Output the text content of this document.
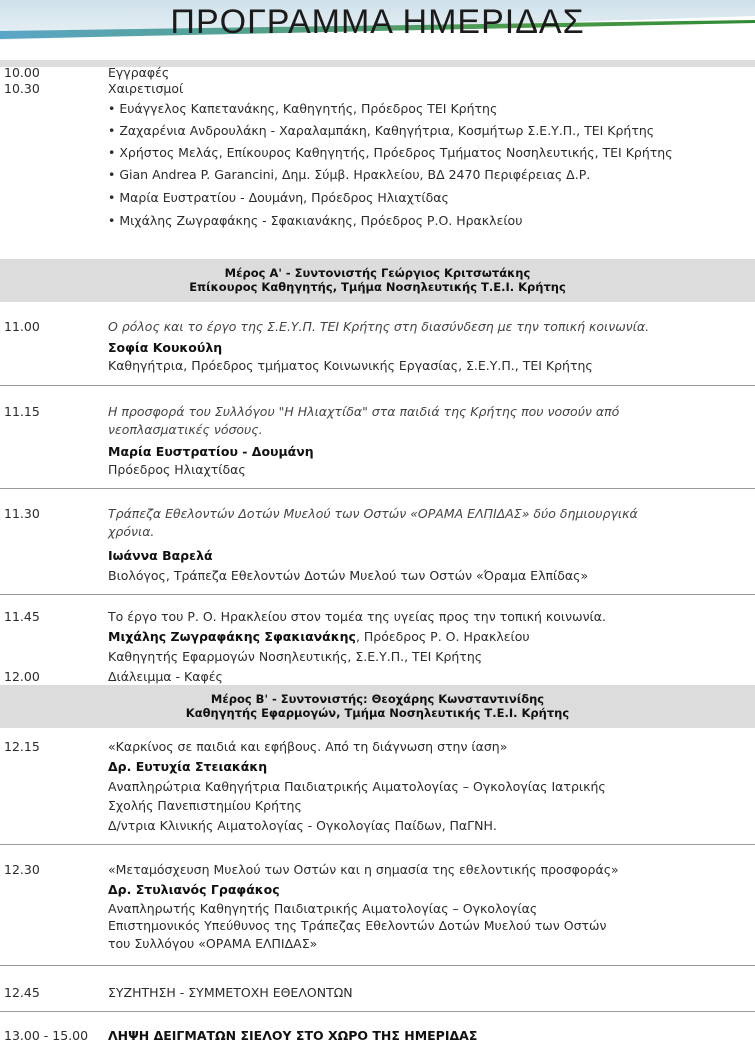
ΠΡΟΓΡΑΜΜΑ ΗΜΕΡΙΔΑΣ
10.00	Εγγραφές
10.30	Χαιρετισμοί
• Ευάγγελος Καπετανάκης, Καθηγητής, Πρόεδρος ΤΕΙ Κρήτης
• Ζαχαρένια Ανδρουλάκη - Χαραλαμπάκη, Καθηγήτρια, Κοσμήτωρ Σ.Ε.Υ.Π., ΤΕΙ Κρήτης
• Χρήστος Μελάς, Επίκουρος Καθηγητής, Πρόεδρος Τμήματος Νοσηλευτικής, ΤΕΙ Κρήτης
• Gian Andrea P. Garancini, Δημ. Σύμβ. Ηρακλείου, ΒΔ 2470 Περιφέρειας Δ.Ρ.
• Μαρία Ευστρατίου - Δουμάνη, Πρόεδρος Ηλιαχτίδας
• Μιχάλης Ζωγραφάκης - Σφακιανάκης, Πρόεδρος Ρ.Ο. Ηρακλείου
Μέρος Α' - Συντονιστής Γεώργιος Κριτσωτάκης
Επίκουρος Καθηγητής, Τμήμα Νοσηλευτικής Τ.Ε.Ι. Κρήτης
11.00	Ο ρόλος και το έργο της Σ.Ε.Υ.Π. ΤΕΙ Κρήτης στη διασύνδεση με την τοπική κοινωνία.
Σοφία Κουκούλη
Καθηγήτρια, Πρόεδρος τμήματος Κοινωνικής Εργασίας, Σ.Ε.Υ.Π., ΤΕΙ Κρήτης
11.15	Η προσφορά του Συλλόγου "Η Ηλιαχτίδα" στα παιδιά της Κρήτης που νοσούν από
νεοπλασματικές νόσους.
Μαρία Ευστρατίου - Δουμάνη
Πρόεδρος Ηλιαχτίδας
11.30	Τράπεζα Εθελοντών Δοτών Μυελού των Οστών «ΟΡΑΜΑ ΕΛΠΙΔΑΣ» δύο δημιουργικά
χρόνια.
Ιωάννα Βαρελά
Βιολόγος, Τράπεζα Εθελοντών Δοτών Μυελού των Οστών «Όραμα Ελπίδας»
11.45	Το έργο του Ρ. Ο. Ηρακλείου στον τομέα της υγείας προς την τοπική κοινωνία.
Μιχάλης Ζωγραφάκης Σφακιανάκης, Πρόεδρος Ρ. Ο. Ηρακλείου
Καθηγητής Εφαρμογών Νοσηλευτικής, Σ.Ε.Υ.Π., ΤΕΙ Κρήτης
12.00	Διάλειμμα - Καφές
Μέρος Β' - Συντονιστής: Θεοχάρης Κωνσταντινίδης
Καθηγητής Εφαρμογών, Τμήμα Νοσηλευτικής Τ.Ε.Ι. Κρήτης
12.15	«Καρκίνος σε παιδιά και εφήβους. Από τη διάγνωση στην ίαση»
Δρ. Ευτυχία Στειακάκη
Αναπληρώτρια Καθηγήτρια Παιδιατρικής Αιματολογίας – Ογκολογίας Ιατρικής
Σχολής Πανεπιστημίου Κρήτης
Δ/ντρια Κλινικής Αιματολογίας - Ογκολογίας Παίδων, ΠαΓΝΗ.
12.30	«Μεταμόσχευση Μυελού των Οστών και η σημασία της εθελοντικής προσφοράς»
Δρ. Στυλιανός Γραφάκος
Αναπληρωτής Καθηγητής Παιδιατρικής Αιματολογίας – Ογκολογίας
Επιστημονικός Υπεύθυνος της Τράπεζας Εθελοντών Δοτών Μυελού των Οστών
του Συλλόγου «ΟΡΑΜΑ ΕΛΠΙΔΑΣ»
12.45	ΣΥΖΗΤΗΣΗ - ΣΥΜΜΕΤΟΧΗ ΕΘΕΛΟΝΤΩΝ
13.00 - 15.00	ΛΗΨΗ ΔΕΙΓΜΑΤΩΝ ΣΙΕΛΟΥ ΣΤΟ ΧΩΡΟ ΤΗΣ ΗΜΕΡΙΔΑΣ
